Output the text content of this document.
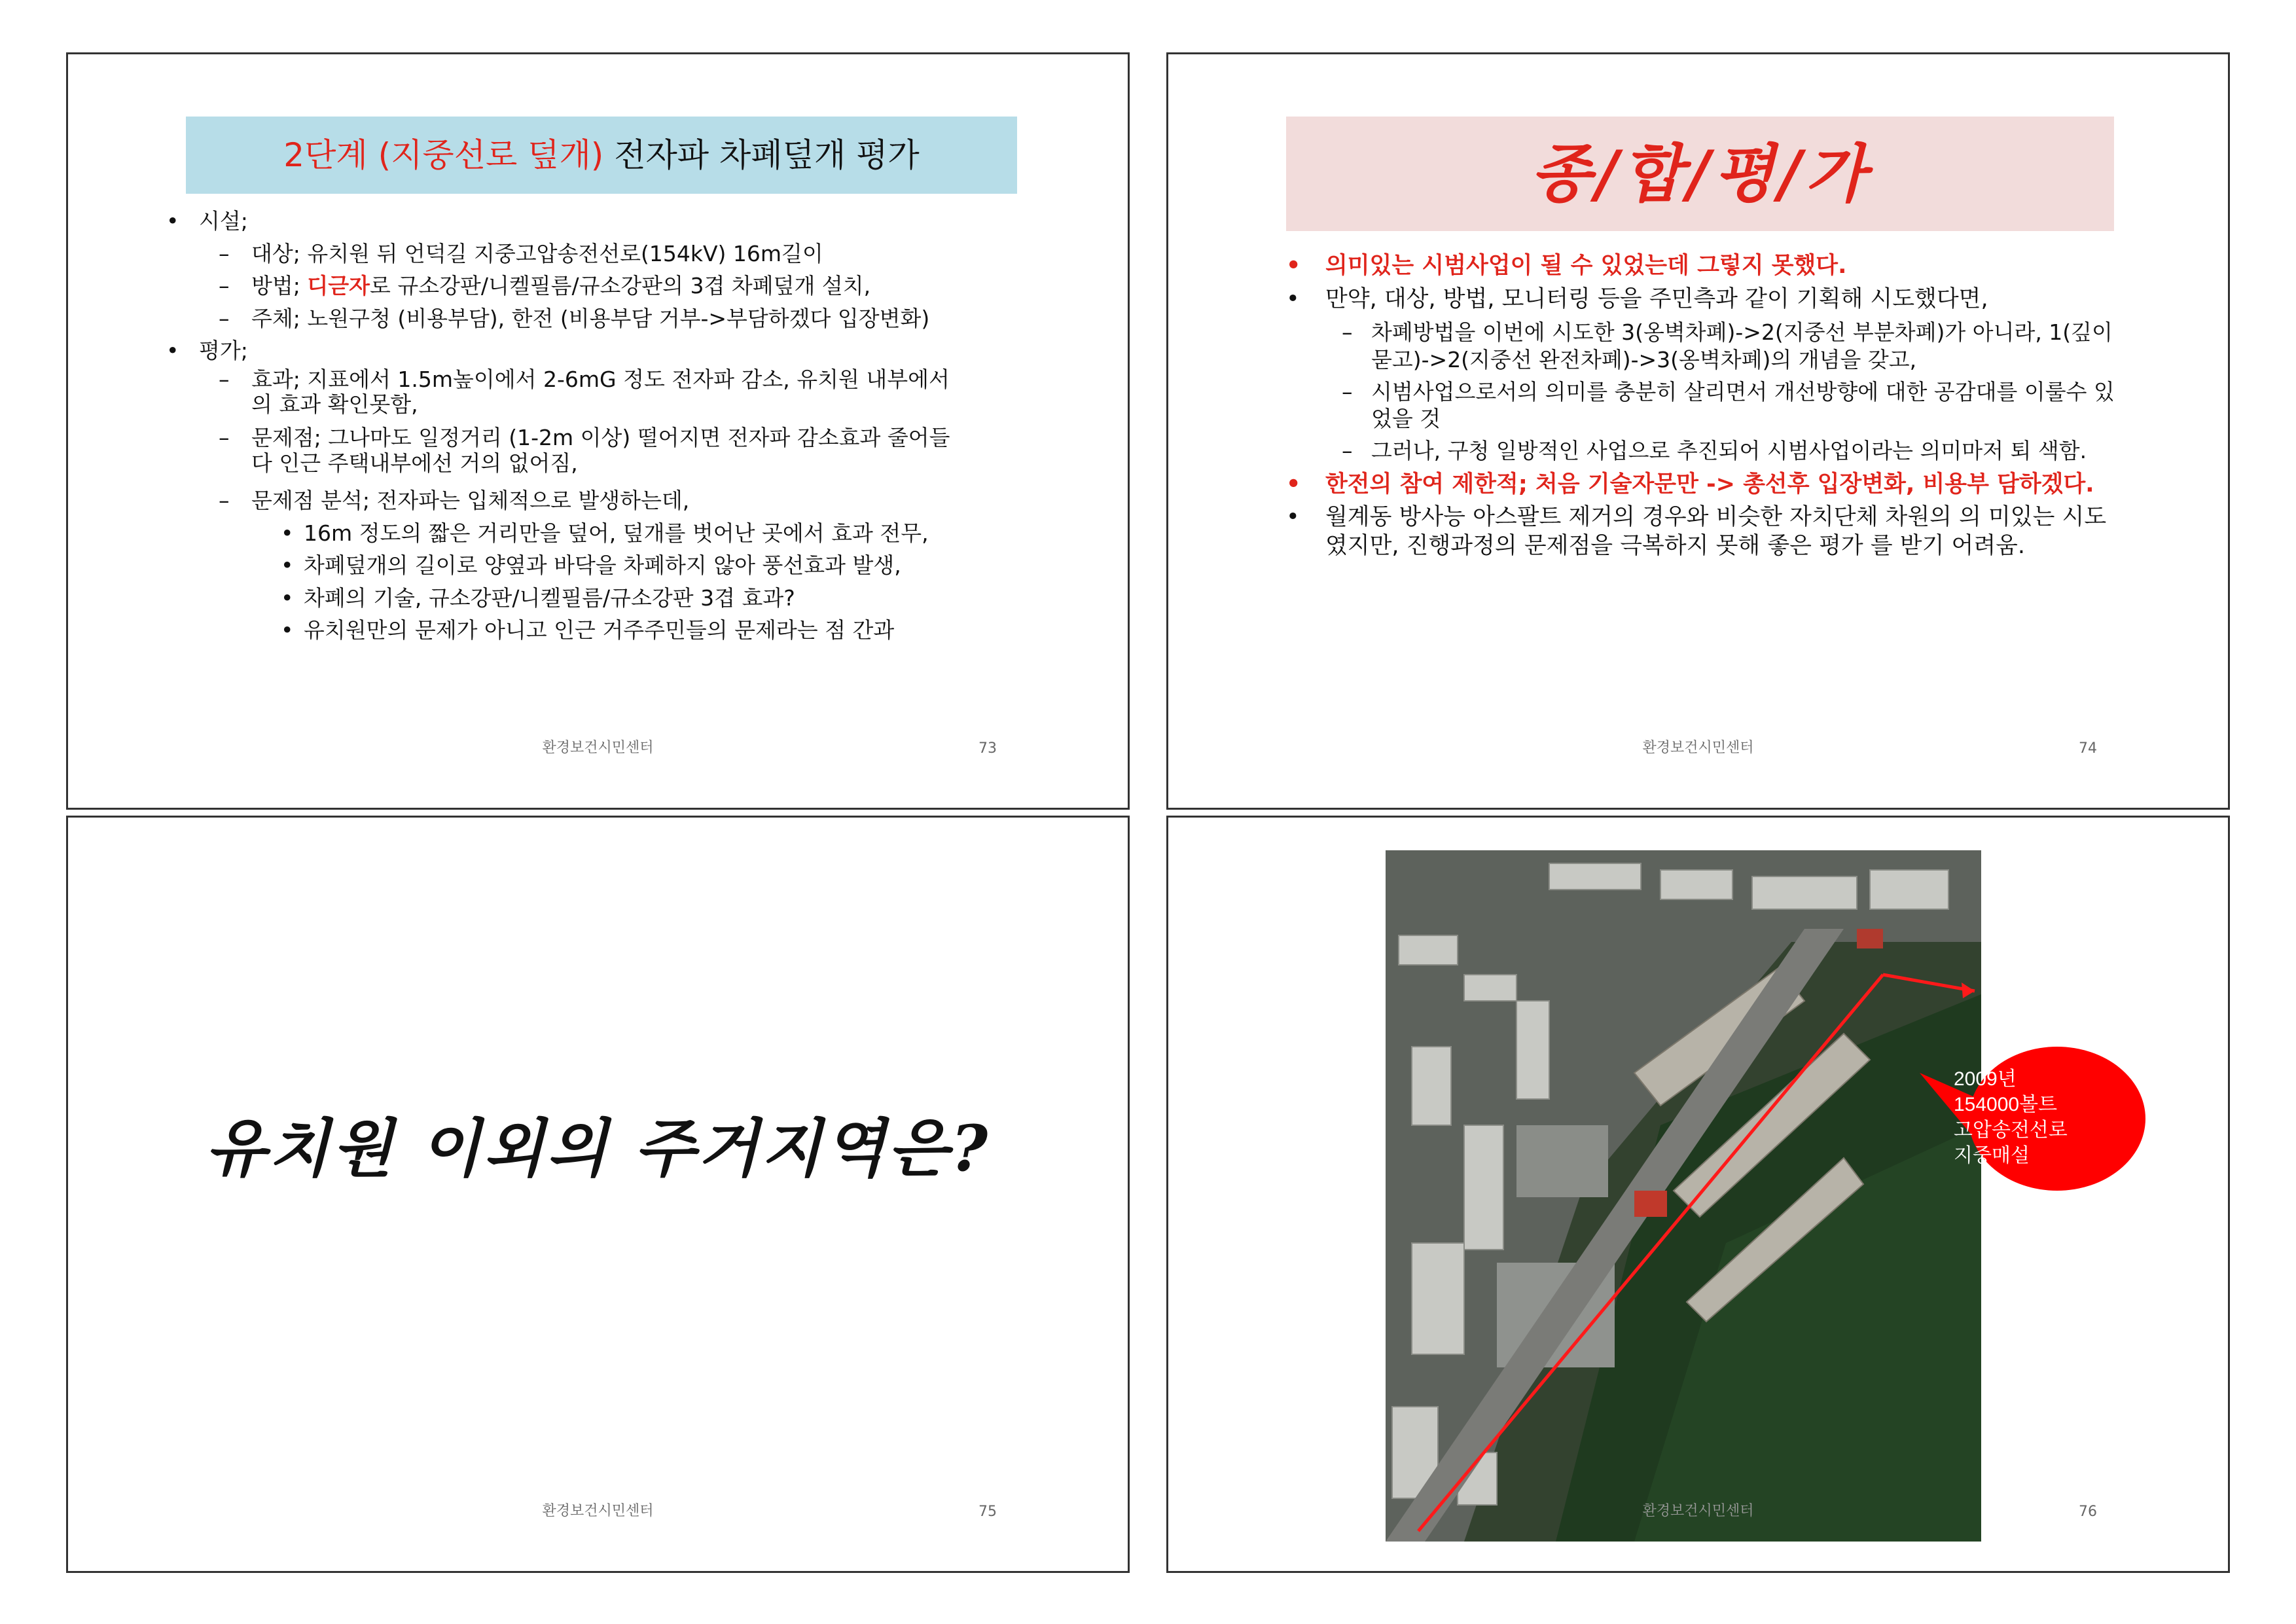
2단계 (지중선로 덮개) 전자파 차폐덮개 평가
• 시설;
– 대상; 유치원 뒤 언덕길 지중고압송전선로(154kV) 16m길이
– 방법; 디귿자로 규소강판/니켈필름/규소강판의 3겹 차폐덮개 설치,
– 주체; 노원구청 (비용부담), 한전 (비용부담 거부->부담하겠다 입장변화)
• 평가;
– 효과; 지표에서 1.5m높이에서 2-6mG 정도 전자파 감소, 유치원 내부에서 의 효과 확인못함,
– 문제점; 그나마도 일정거리 (1-2m 이상) 떨어지면 전자파 감소효과 줄어들 다 인근 주택내부에선 거의 없어짐,
– 문제점 분석; 전자파는 입체적으로 발생하는데,
• 16m 정도의 짧은 거리만을 덮어, 덮개를 벗어난 곳에서 효과 전무,
• 차폐덮개의 길이로 양옆과 바닥을 차폐하지 않아 풍선효과 발생,
• 차폐의 기술, 규소강판/니켈필름/규소강판 3겹 효과?
• 유치원만의 문제가 아니고 인근 거주주민들의 문제라는 점 간과
환경보건시민센터	73
종/합/평/가
• 의미있는 시범사업이 될 수 있었는데 그렇지 못했다.
• 만약, 대상, 방법, 모니터링 등을 주민측과 같이 기획해 시도했다면,
– 차폐방법을 이번에 시도한 3(옹벽차폐)->2(지중선 부분차폐)가 아니라, 1(깊이묻고)->2(지중선 완전차폐)->3(옹벽차폐)의 개념을 갖고,
– 시범사업으로서의 의미를 충분히 살리면서 개선방향에 대한 공감대를 이룰수 있었을 것
– 그러나, 구청 일방적인 사업으로 추진되어 시범사업이라는 의미마저 퇴 색함.
• 한전의 참여 제한적; 처음 기술자문만 -> 총선후 입장변화, 비용부 담하겠다.
• 월계동 방사능 아스팔트 제거의 경우와 비슷한 자치단체 차원의 의 미있는 시도였지만, 진행과정의 문제점을 극복하지 못해 좋은 평가 를 받기 어려움.
환경보건시민센터	74
유치원 이외의 주거지역은?
환경보건시민센터	75
2009년
154000볼트
고압송전선로
지중매설
환경보건시민센터	76
